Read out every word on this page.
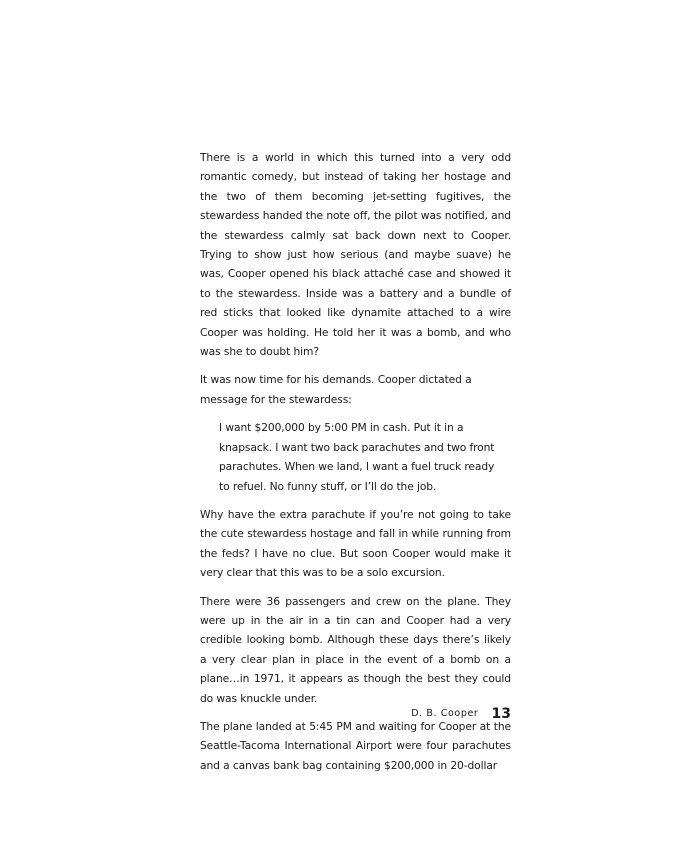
There is a world in which this turned into a very odd romantic comedy, but instead of taking her hostage and the two of them becoming jet-setting fugitives, the stewardess handed the note off, the pilot was notified, and the stewardess calmly sat back down next to Cooper. Trying to show just how serious (and maybe suave) he was, Cooper opened his black attaché case and showed it to the stewardess. Inside was a battery and a bundle of red sticks that looked like dynamite attached to a wire Cooper was holding. He told her it was a bomb, and who was she to doubt him?

It was now time for his demands. Cooper dictated a message for the stewardess:

I want $200,000 by 5:00 PM in cash. Put it in a knapsack. I want two back parachutes and two front parachutes. When we land, I want a fuel truck ready to refuel. No funny stuff, or I’ll do the job.

Why have the extra parachute if you’re not going to take the cute stewardess hostage and fall in while running from the feds? I have no clue. But soon Cooper would make it very clear that this was to be a solo excursion.

There were 36 passengers and crew on the plane. They were up in the air in a tin can and Cooper had a very credible looking bomb. Although these days there’s likely a very clear plan in place in the event of a bomb on a plane…in 1971, it appears as though the best they could do was knuckle under.

The plane landed at 5:45 PM and waiting for Cooper at the Seattle-Tacoma International Airport were four parachutes and a canvas bank bag containing $200,000 in 20-dollar

D. B. Cooper 13
